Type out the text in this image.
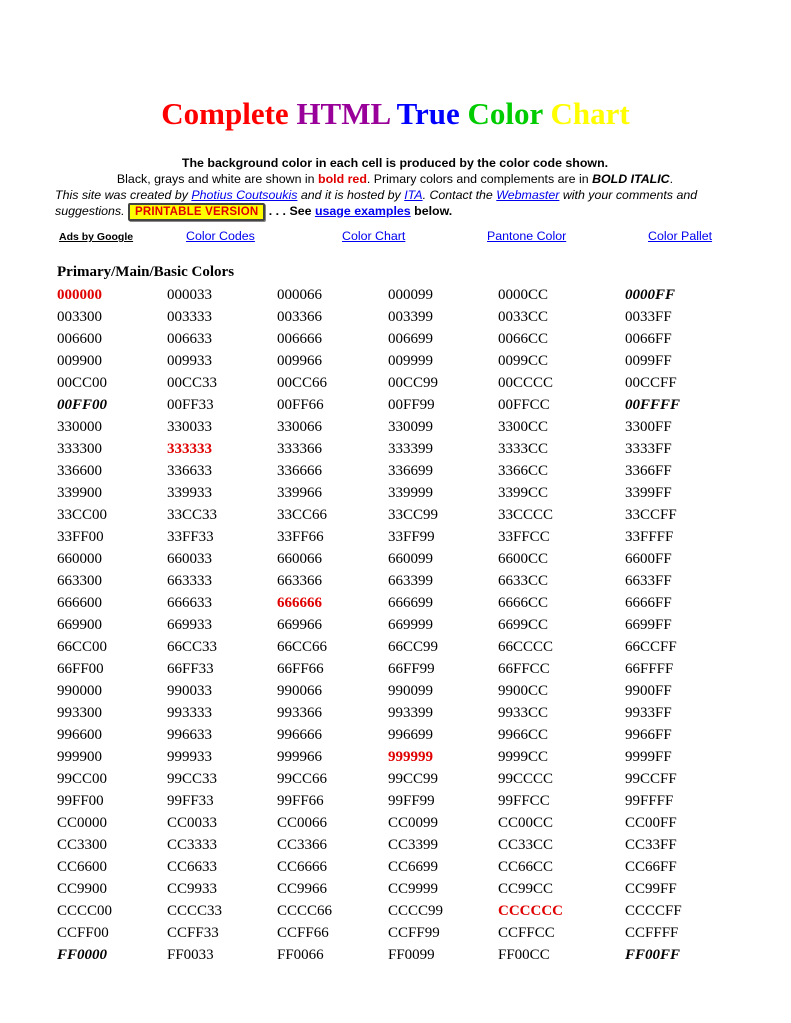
Complete HTML True Color Chart
The background color in each cell is produced by the color code shown.
Black, grays and white are shown in bold red. Primary colors and complements are in BOLD ITALIC.
This site was created by Photius Coutsoukis and it is hosted by ITA. Contact the Webmaster with your comments and suggestions. PRINTABLE VERSION . . . See usage examples below.
Ads by Google	Color Codes	Color Chart	Pantone Color	Color Pallet
Primary/Main/Basic Colors
000000	000033	000066	000099	0000CC	0000FF
003300	003333	003366	003399	0033CC	0033FF
006600	006633	006666	006699	0066CC	0066FF
009900	009933	009966	009999	0099CC	0099FF
00CC00	00CC33	00CC66	00CC99	00CCCC	00CCFF
00FF00	00FF33	00FF66	00FF99	00FFCC	00FFFF
330000	330033	330066	330099	3300CC	3300FF
333300	333333	333366	333399	3333CC	3333FF
336600	336633	336666	336699	3366CC	3366FF
339900	339933	339966	339999	3399CC	3399FF
33CC00	33CC33	33CC66	33CC99	33CCCC	33CCFF
33FF00	33FF33	33FF66	33FF99	33FFCC	33FFFF
660000	660033	660066	660099	6600CC	6600FF
663300	663333	663366	663399	6633CC	6633FF
666600	666633	666666	666699	6666CC	6666FF
669900	669933	669966	669999	6699CC	6699FF
66CC00	66CC33	66CC66	66CC99	66CCCC	66CCFF
66FF00	66FF33	66FF66	66FF99	66FFCC	66FFFF
990000	990033	990066	990099	9900CC	9900FF
993300	993333	993366	993399	9933CC	9933FF
996600	996633	996666	996699	9966CC	9966FF
999900	999933	999966	999999	9999CC	9999FF
99CC00	99CC33	99CC66	99CC99	99CCCC	99CCFF
99FF00	99FF33	99FF66	99FF99	99FFCC	99FFFF
CC0000	CC0033	CC0066	CC0099	CC00CC	CC00FF
CC3300	CC3333	CC3366	CC3399	CC33CC	CC33FF
CC6600	CC6633	CC6666	CC6699	CC66CC	CC66FF
CC9900	CC9933	CC9966	CC9999	CC99CC	CC99FF
CCCC00	CCCC33	CCCC66	CCCC99	CCCCCC	CCCCFF
CCFF00	CCFF33	CCFF66	CCFF99	CCFFCC	CCFFFF
FF0000	FF0033	FF0066	FF0099	FF00CC	FF00FF
